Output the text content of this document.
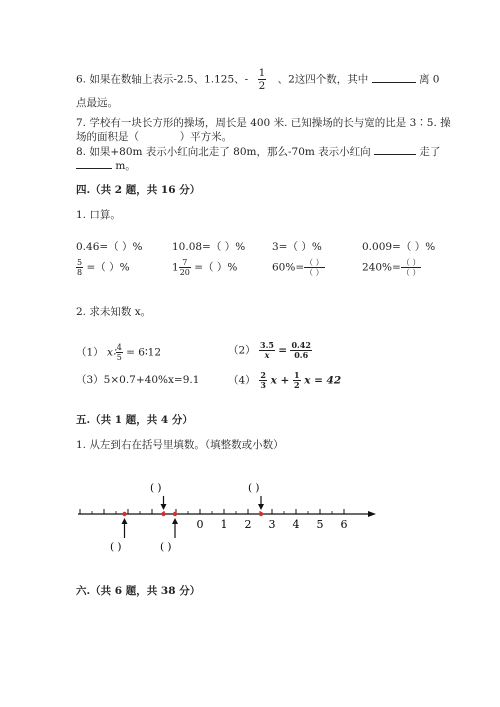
6. 如果在数轴上表示-2.5、1.125、- $\frac{1}{2}$ 、2这四个数，其中	离 0
点最远。
7. 学校有一块长方形的操场，周长是 400 米. 已知操场的长与宽的比是 3∶5. 操
场的面积是（	）平方米。
8. 如果+80m 表示小红向北走了 80m，那么-70m 表示小红向	走了
m。
四.（共 2 题，共 16 分）
1. 口算。
0.46=（ ）%	10.08=（ ）%	3=（ ）%	0.009=（ ）%
$\frac{5}{8}$ =（ ）%	$1 \frac{7}{20}$ =（ ）%	$60\%= \frac{( )}{( )}$	$240\%= \frac{( )}{( )}$
2. 求未知数 x。
（1） x∶ $\frac{4}{5}$ = 6∶12	$(2) \frac{3.5}{x} = \frac{0.42}{0.6}$
（3）5×0.7+40%x=9.1	$(4) \frac{2}{3}$ $x + \frac{1}{2}$ x = 42
五.（共 1 题，共 4 分）
1. 从左到右在括号里填数。（填整数或小数）
0 1 2 3 4 5 6
( )	( )
( )	( )
六.（共 6 题，共 38 分）
